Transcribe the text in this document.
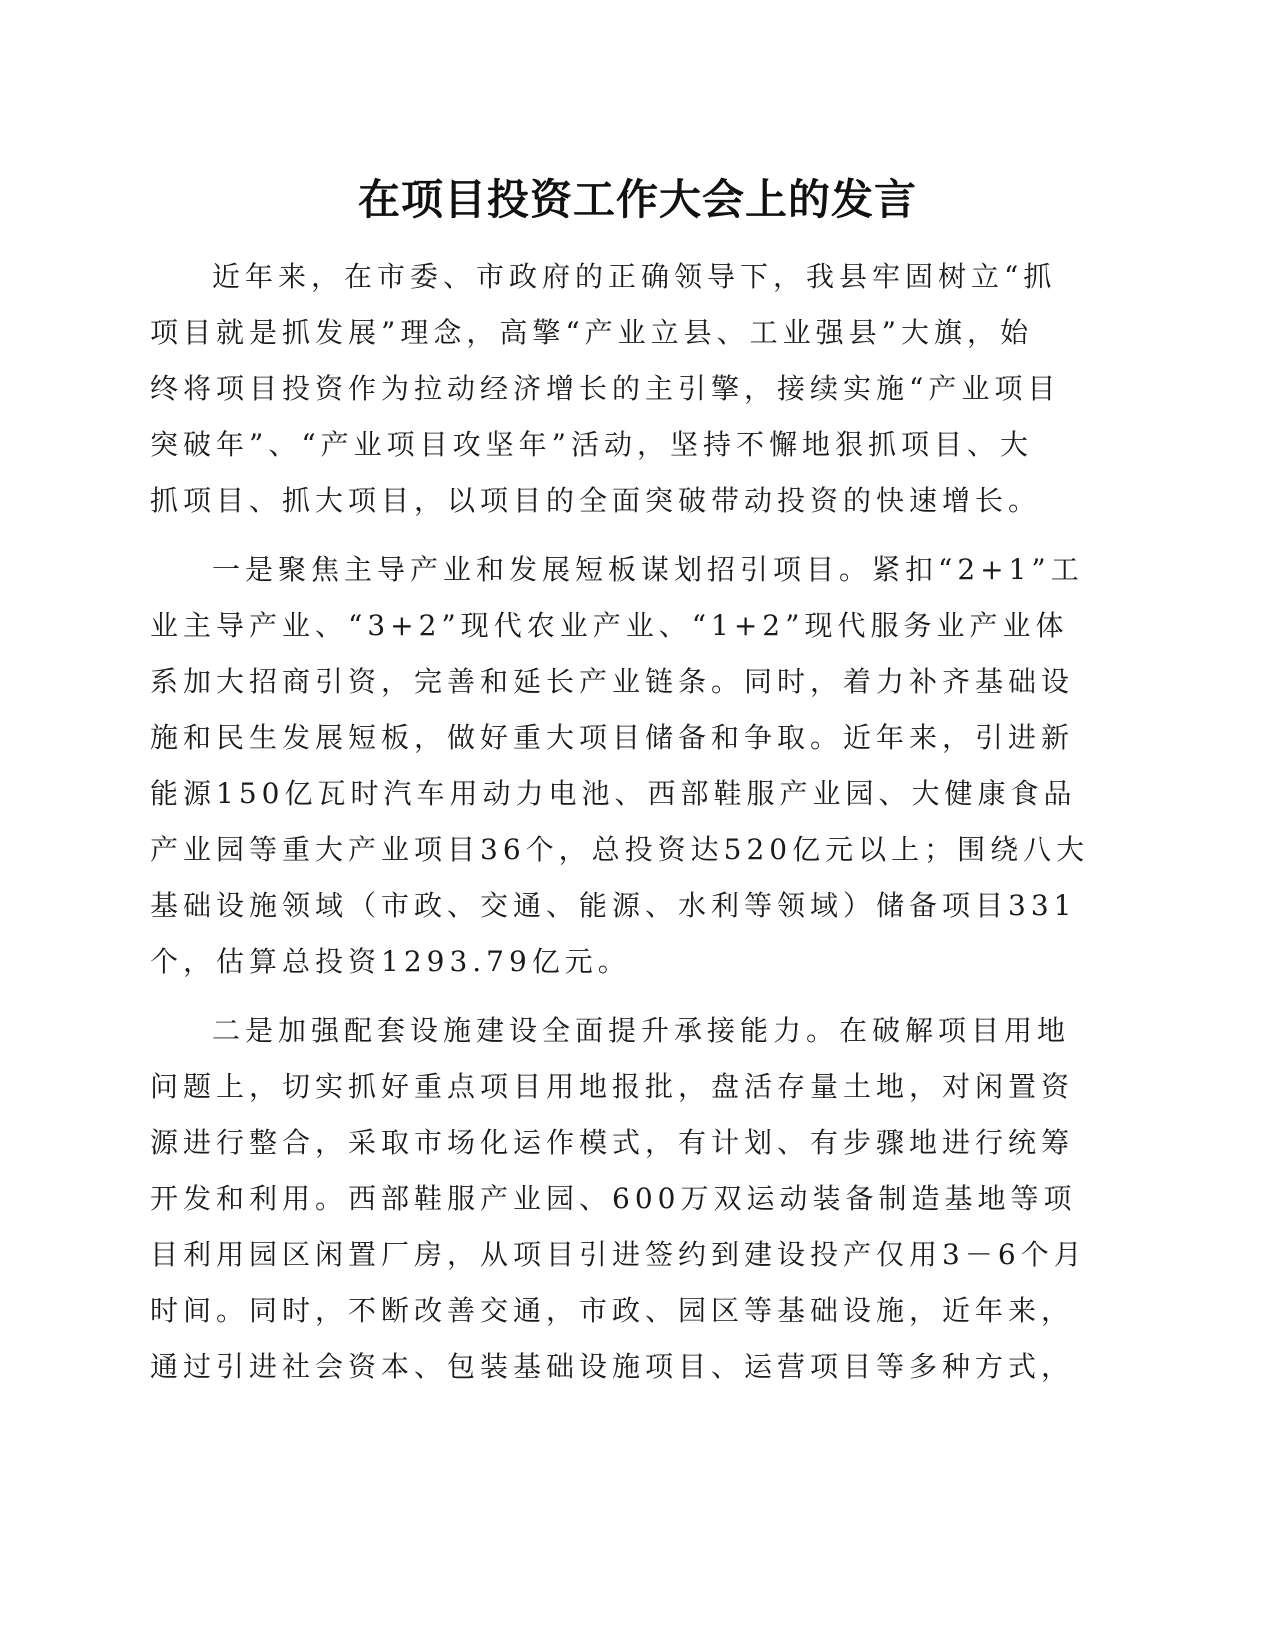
在项目投资工作大会上的发言

近年来，在市委、市政府的正确领导下，我县牢固树立“抓
项目就是抓发展”理念，高擎“产业立县、工业强县”大旗，始
终将项目投资作为拉动经济增长的主引擎，接续实施“产业项目
突破年”、“产业项目攻坚年”活动，坚持不懈地狠抓项目、大
抓项目、抓大项目，以项目的全面突破带动投资的快速增长。

一是聚焦主导产业和发展短板谋划招引项目。紧扣“2+1”工
业主导产业、“3+2”现代农业产业、“1+2”现代服务业产业体
系加大招商引资，完善和延长产业链条。同时，着力补齐基础设
施和民生发展短板，做好重大项目储备和争取。近年来，引进新
能源150亿瓦时汽车用动力电池、西部鞋服产业园、大健康食品
产业园等重大产业项目36个，总投资达520亿元以上；围绕八大
基础设施领域（市政、交通、能源、水利等领域）储备项目331
个，估算总投资1293.79亿元。

二是加强配套设施建设全面提升承接能力。在破解项目用地
问题上，切实抓好重点项目用地报批，盘活存量土地，对闲置资
源进行整合，采取市场化运作模式，有计划、有步骤地进行统筹
开发和利用。西部鞋服产业园、600万双运动装备制造基地等项
目利用园区闲置厂房，从项目引进签约到建设投产仅用3－6个月
时间。同时，不断改善交通，市政、园区等基础设施，近年来，
通过引进社会资本、包装基础设施项目、运营项目等多种方式，
